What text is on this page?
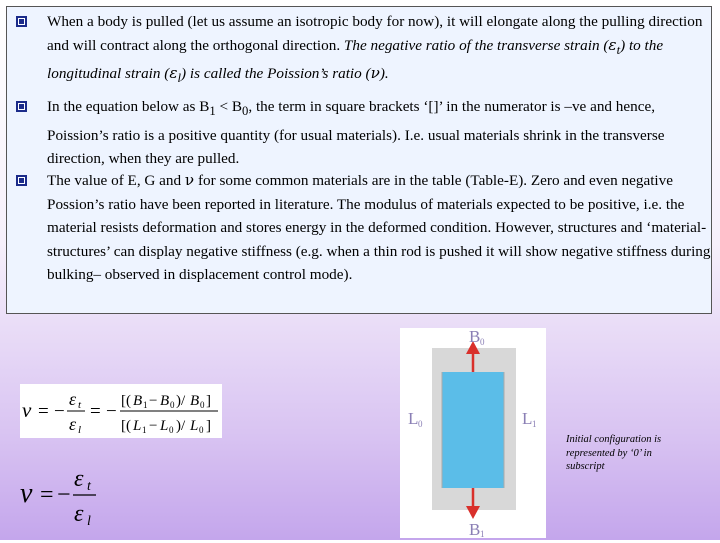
When a body is pulled (let us assume an isotropic body for now), it will elongate along the pulling direction and will contract along the orthogonal direction. The negative ratio of the transverse strain $(\varepsilon_t)$ to the longitudinal strain $(\varepsilon_l)$ is called the Poission’s ratio (ν).
In the equation below as $B_1 < B_0$, the term in square brackets ‘[]’ in the numerator is –ve and hence, Poission’s ratio is a positive quantity (for usual materials). I.e. usual materials shrink in the transverse direction, when they are pulled.
The value of E, G and ν for some common materials are in the table (Table-E). Zero and even negative Possion’s ratio have been reported in literature. The modulus of materials expected to be positive, i.e. the material resists deformation and stores energy in the deformed condition. However, structures and ‘material-structures’ can display negative stiffness (e.g. when a thin rod is pushed it will show negative stiffness during bulking– observed in displacement control mode).
ν = −
ε t
ε l
= − [( B 1 − B 0 )/ B 0 ]
[( L 1 − L 0 )/ L 0 ]
ν = −
ε t
ε l
B 0
B 1
L 0	L 1
Initial configuration is represented by ‘0’ in subscript
